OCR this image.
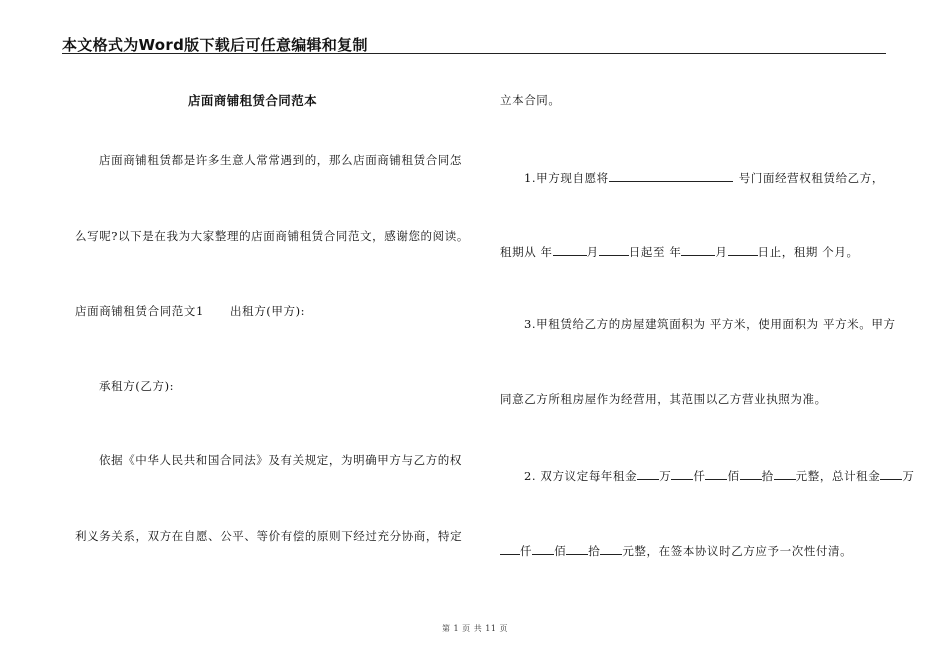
本文格式为Word版下载后可任意编辑和复制
店面商铺租赁合同范本
店面商铺租赁都是许多生意人常常遇到的，那么店面商铺租赁合同怎
么写呢?以下是在我为大家整理的店面商铺租赁合同范文，感谢您的阅读。
店面商铺租赁合同范文1 出租方(甲方):
承租方(乙方):
依据《中华人民共和国合同法》及有关规定，为明确甲方与乙方的权
利义务关系，双方在自愿、公平、等价有偿的原则下经过充分协商，特定
立本合同。
1.甲方现自愿将	号门面经营权租赁给乙方，
租期从 年	月	日起至 年	月	日止，租期 个月。
3.甲租赁给乙方的房屋建筑面积为 平方米，使用面积为 平方米。甲方
同意乙方所租房屋作为经营用，其范围以乙方营业执照为准。
2. 双方议定每年租金 万 仟 佰 拾 元整，总计租金 万
仟 佰 拾 元整，在签本协议时乙方应予一次性付清。
第 1 页 共 11 页
